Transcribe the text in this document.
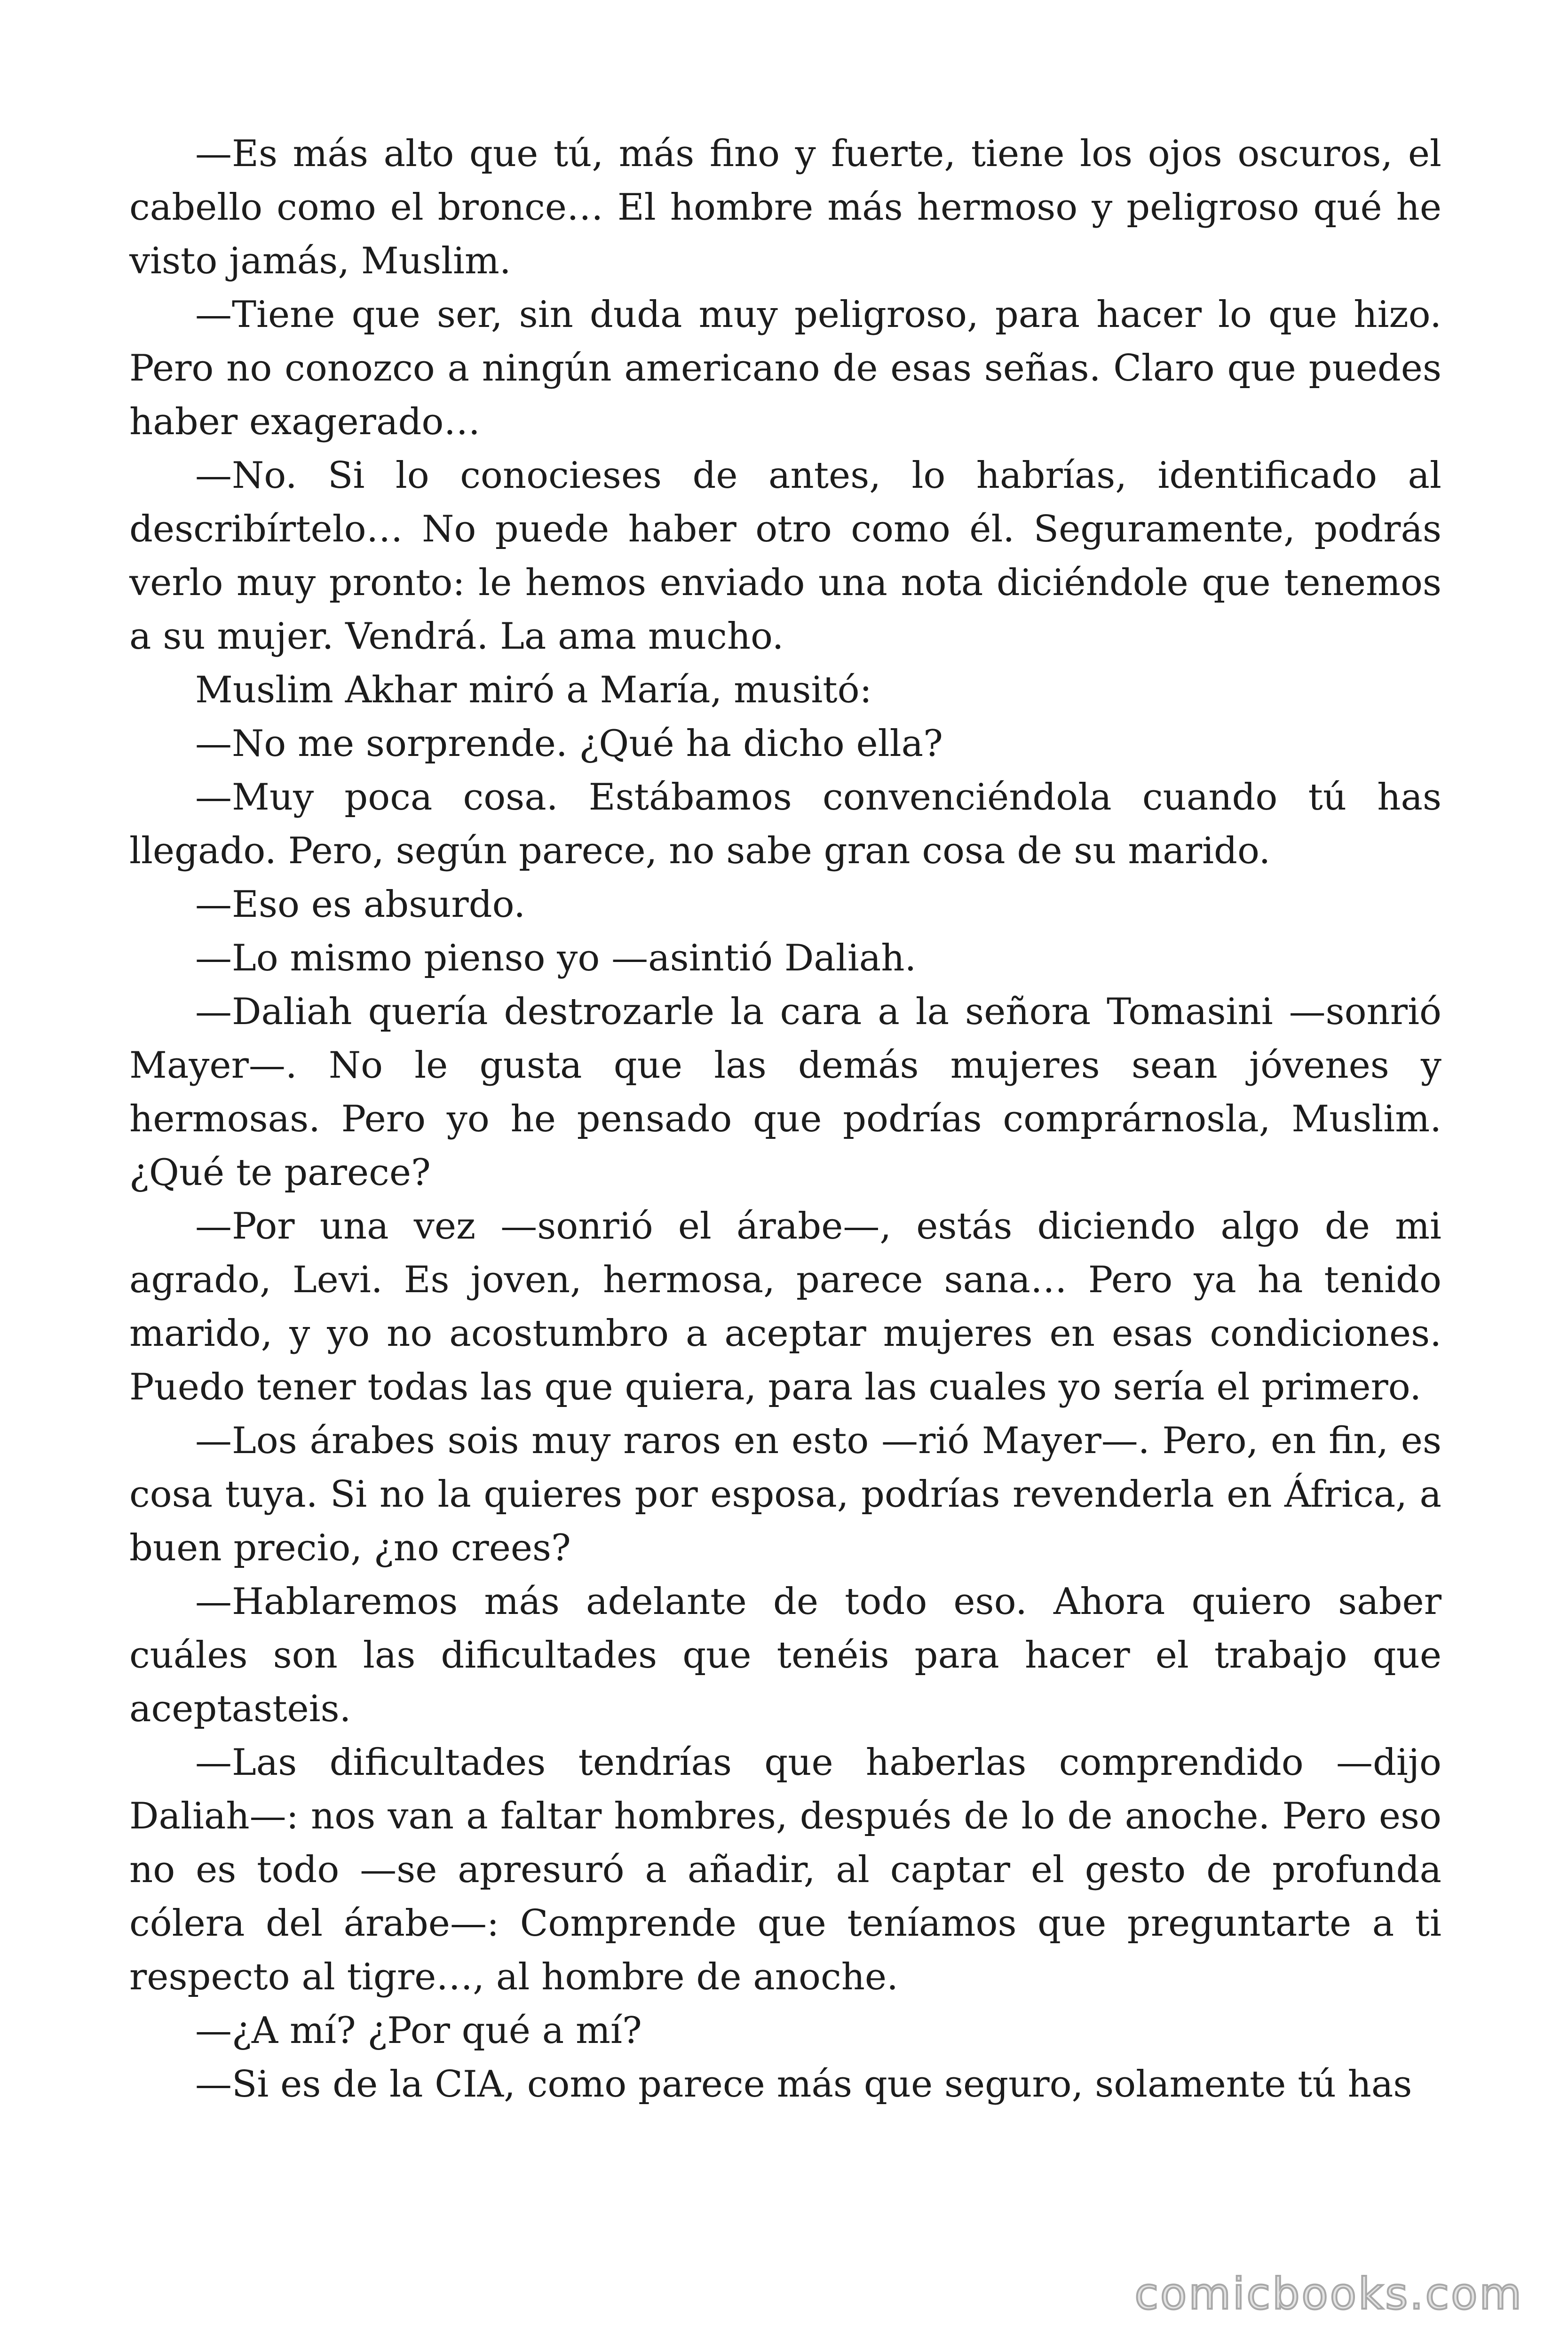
—Es más alto que tú, más fino y fuerte, tiene los ojos oscuros, el cabello como el bronce… El hombre más hermoso y peligroso qué he visto jamás, Muslim.

—Tiene que ser, sin duda muy peligroso, para hacer lo que hizo. Pero no conozco a ningún americano de esas señas. Claro que puedes haber exagerado…

—No. Si lo conocieses de antes, lo habrías, identificado al describírtelo… No puede haber otro como él. Seguramente, podrás verlo muy pronto: le hemos enviado una nota diciéndole que tenemos a su mujer. Vendrá. La ama mucho.

Muslim Akhar miró a María, musitó:

—No me sorprende. ¿Qué ha dicho ella?

—Muy poca cosa. Estábamos convenciéndola cuando tú has llegado. Pero, según parece, no sabe gran cosa de su marido.

—Eso es absurdo.

—Lo mismo pienso yo —asintió Daliah.

—Daliah quería destrozarle la cara a la señora Tomasini —sonrió Mayer—. No le gusta que las demás mujeres sean jóvenes y hermosas. Pero yo he pensado que podrías comprárnosla, Muslim. ¿Qué te parece?

—Por una vez —sonrió el árabe—, estás diciendo algo de mi agrado, Levi. Es joven, hermosa, parece sana… Pero ya ha tenido marido, y yo no acostumbro a aceptar mujeres en esas condiciones. Puedo tener todas las que quiera, para las cuales yo sería el primero.

—Los árabes sois muy raros en esto —rió Mayer—. Pero, en fin, es cosa tuya. Si no la quieres por esposa, podrías revenderla en África, a buen precio, ¿no crees?

—Hablaremos más adelante de todo eso. Ahora quiero saber cuáles son las dificultades que tenéis para hacer el trabajo que aceptasteis.

—Las dificultades tendrías que haberlas comprendido —dijo Daliah—: nos van a faltar hombres, después de lo de anoche. Pero eso no es todo —se apresuró a añadir, al captar el gesto de profunda cólera del árabe—: Comprende que teníamos que preguntarte a ti respecto al tigre…, al hombre de anoche.

—¿A mí? ¿Por qué a mí?

—Si es de la CIA, como parece más que seguro, solamente tú has

comicbooks.com
